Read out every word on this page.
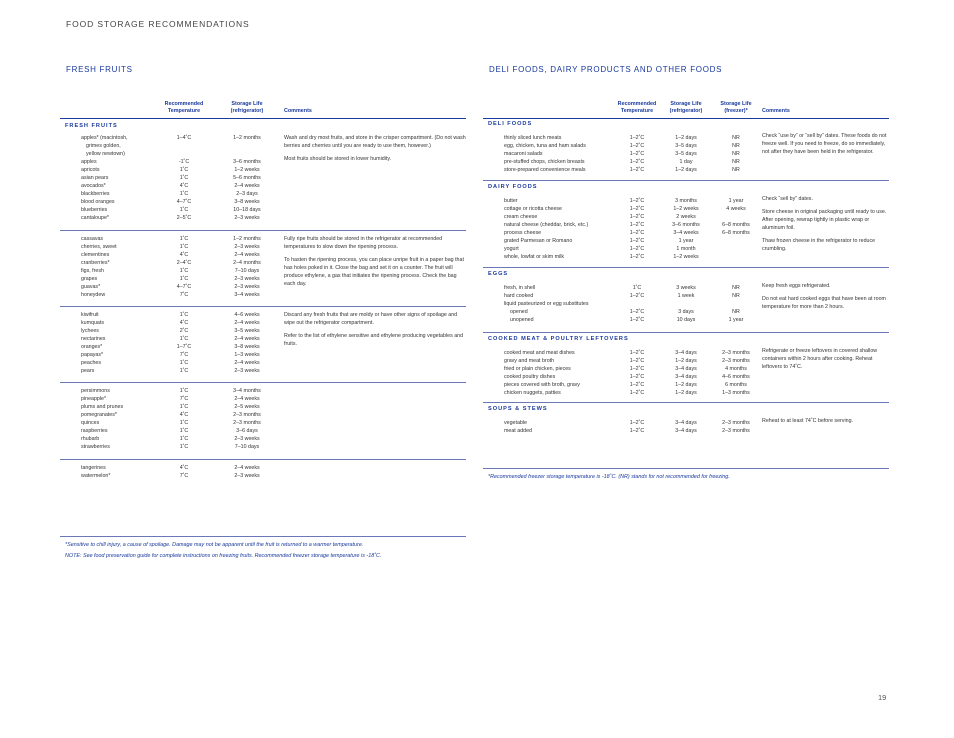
FOOD STORAGE RECOMMENDATIONS
FRESH FRUITS
Recommended Temperature
Storage Life (refrigerator)	Comments
FRESH FRUITS
apples* (macintosh,	1–4˚C	1–2 months
grimes golden,
yellow newtown)
apples	-1˚C	3–6 months
apricots	1˚C	1–2 weeks
asian pears	1˚C	5–6 months
avocados*	4˚C	2–4 weeks
blackberries	1˚C	2–3 days
blood oranges	4–7˚C	3–8 weeks
blueberries	1˚C	10–18 days
cantaloupe*	2–5˚C	2–3 weeks

Wash and dry most fruits, and store in the crisper compartment. (Do not wash berries and cherries until you are ready to use them, however.)

Most fruits should be stored in lower humidity.

cassavas	1˚C	1–2 months
cherries, sweet	1˚C	2–3 weeks
clementines	4˚C	2–4 weeks
cranberries*	2–4˚C	2–4 months
figs, fresh	1˚C	7–10 days
grapes	1˚C	2–3 weeks
guavas*	4–7˚C	2–3 weeks
honeydew	7˚C	3–4 weeks

Fully ripe fruits should be stored in the refrigerator at recommended temperatures to slow down the ripening process.

To hasten the ripening process, you can place unripe fruit in a paper bag that has holes poked in it. Close the bag and set it on a counter. The fruit will produce ethylene, a gas that initiates the ripening process. Check the bag each day.

kiwifruit	1˚C	4–6 weeks
kumquats	4˚C	2–4 weeks
lychees	2˚C	3–5 weeks
nectarines	1˚C	2–4 weeks
oranges*	1–7˚C	3–8 weeks
papayas*	7˚C	1–3 weeks
peaches	1˚C	2–4 weeks
pears	1˚C	2–3 weeks

Discard any fresh fruits that are moldy or have other signs of spoilage and wipe out the refrigerator compartment.

Refer to the list of ethylene sensitive and ethylene producing vegetables and fruits.

persimmons	1˚C	3–4 months
pineapple*	7˚C	2–4 weeks
plums and prunes	1˚C	2–5 weeks
pomegranates*	4˚C	2–3 months
quinces	1˚C	2–3 months
raspberries	1˚C	3–6 days
rhubarb	1˚C	2–3 weeks
strawberries	1˚C	7–10 days
tangerines	4˚C	2–4 weeks
watermelon*	7˚C	2–3 weeks
*Sensitive to chill injury, a cause of spoilage. Damage may not be apparent until the fruit is returned to a warmer temperature.
NOTE: See food preservation guide for complete instructions on freezing fruits. Recommended freezer storage temperature is -18˚C.
DELI FOODS, DAIRY PRODUCTS AND OTHER FOODS
Recommended Temperature
Storage Life (refrigerator)
Storage Life (freezer)*	Comments
DELI FOODS
thinly sliced lunch meats	1–2˚C	1–2 days	NR
egg, chicken, tuna and ham salads	1–2˚C	3–5 days	NR
macaroni salads	1–2˚C	3–5 days	NR
pre-stuffed chops, chicken breasts	1–2˚C	1 day	NR
store-prepared convenience meals	1–2˚C	1–2 days	NR

Check “use by” or “sell by” dates. These foods do not freeze well. If you need to freeze, do so immediately, not after they have been held in the refrigerator.

DAIRY FOODS
butter	1–2˚C	3 months	1 year
cottage or ricotta cheese	1–2˚C	1–2 weeks	4 weeks
cream cheese	1–2˚C	2 weeks
natural cheese (cheddar, brick, etc.)	1–2˚C	3–6 months	6–8 months
process cheese	1–2˚C	3–4 weeks	6–8 months
grated Parmesan or Romano	1–2˚C	1 year
yogurt	1–2˚C	1 month
whole, lowfat or skim milk	1–2˚C	1–2 weeks

Check “sell by” dates.

Store cheese in original packaging until ready to use. After opening, rewrap tightly in plastic wrap or aluminum foil.

Thaw frozen cheese in the refrigerator to reduce crumbling.

EGGS
fresh, in shell	1˚C	3 weeks	NR
hard cooked	1–2˚C	1 week	NR
liquid pasteurized or egg substitutes
opened	1–2˚C	3 days	NR
unopened	1–2˚C	10 days	1 year

Keep fresh eggs refrigerated.

Do not eat hard cooked eggs that have been at room temperature for more than 2 hours.

COOKED MEAT & POULTRY LEFTOVERS
cooked meat and meat dishes	1–2˚C	3–4 days	2–3 months
gravy and meat broth	1–2˚C	1–2 days	2–3 months
fried or plain chicken, pieces	1–2˚C	3–4 days	4 months
cooked poultry dishes	1–2˚C	3–4 days	4–6 months
pieces covered with broth, gravy	1–2˚C	1–2 days	6 months
chicken nuggets, patties	1–2˚C	1–2 days	1–3 months

Refrigerate or freeze leftovers in covered shallow containers within 2 hours after cooking. Reheat leftovers to 74˚C.

SOUPS & STEWS
vegetable	1–2˚C	3–4 days	2–3 months
meat added	1–2˚C	3–4 days	2–3 months

Reheat to at least 74˚C before serving.

*Recommended freezer storage temperature is -18˚C. (NR) stands for not recommended for freezing.
19
